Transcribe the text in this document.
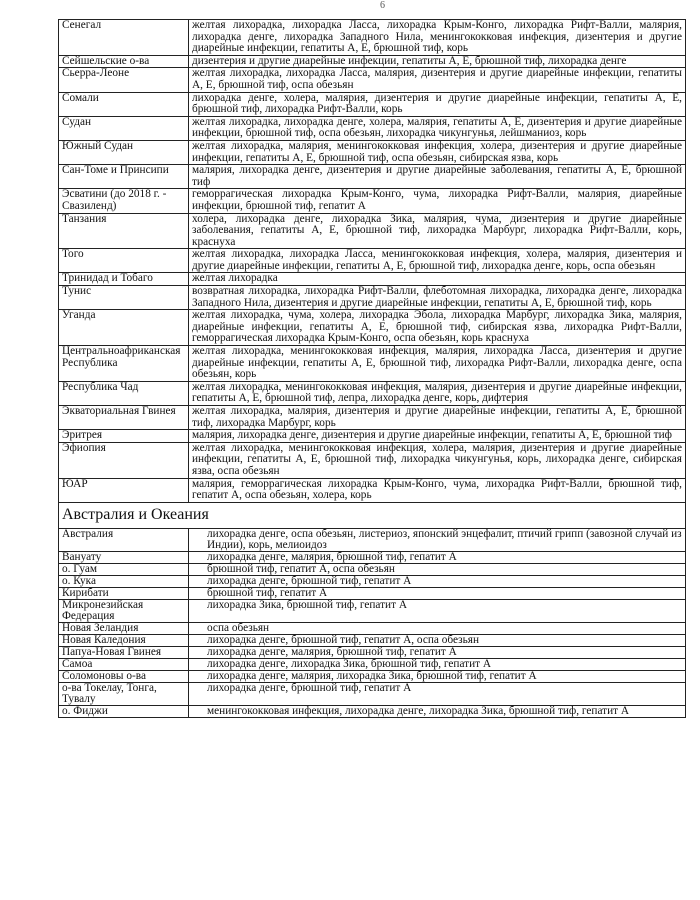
6
Сенегал	желтая лихорадка, лихорадка Ласса, лихорадка Крым-Конго, лихорадка Рифт-Валли, малярия, лихорадка денге, лихорадка Западного Нила, менингококковая инфекция, дизентерия и другие диарейные инфекции, гепатиты А, Е, брюшной тиф, корь
Сейшельские о-ва	дизентерия и другие диарейные инфекции, гепатиты А, Е, брюшной тиф, лихорадка денге
Сьерра-Леоне	желтая лихорадка, лихорадка Ласса, малярия, дизентерия и другие диарейные инфекции, гепатиты А, Е, брюшной тиф, оспа обезьян
Сомали	лихорадка денге, холера, малярия, дизентерия и другие диарейные инфекции, гепатиты А, Е, брюшной тиф, лихорадка Рифт-Валли, корь
Судан	желтая лихорадка, лихорадка денге, холера, малярия, гепатиты А, Е, дизентерия и другие диарейные инфекции, брюшной тиф, оспа обезьян, лихорадка чикунгунья, лейшманиоз, корь
Южный Судан	желтая лихорадка, малярия, менингококковая инфекция, холера, дизентерия и другие диарейные инфекции, гепатиты А, Е, брюшной тиф, оспа обезьян, сибирская язва, корь
Сан-Томе и Принсипи	малярия, лихорадка денге, дизентерия и другие диарейные заболевания, гепатиты А, Е, брюшной тиф
Эсватини (до 2018 г. - Свазиленд)	геморрагическая лихорадка Крым-Конго, чума, лихорадка Рифт-Валли, малярия, диарейные инфекции, брюшной тиф, гепатит А
Танзания	холера, лихорадка денге, лихорадка Зика, малярия, чума, дизентерия и другие диарейные заболевания, гепатиты А, Е, брюшной тиф, лихорадка Марбург, лихорадка Рифт-Валли, корь, краснуха
Того	желтая лихорадка, лихорадка Ласса, менингококковая инфекция, холера, малярия, дизентерия и другие диарейные инфекции, гепатиты А, Е, брюшной тиф, лихорадка денге, корь, оспа обезьян
Тринидад и Тобаго	желтая лихорадка
Тунис	возвратная лихорадка, лихорадка Рифт-Валли, флеботомная лихорадка, лихорадка денге, лихорадка Западного Нила, дизентерия и другие диарейные инфекции, гепатиты А, Е, брюшной тиф, корь
Уганда	желтая лихорадка, чума, холера, лихорадка Эбола, лихорадка Марбург, лихорадка Зика, малярия, диарейные инфекции, гепатиты А, Е, брюшной тиф, сибирская язва, лихорадка Рифт-Валли, геморрагическая лихорадка Крым-Конго, оспа обезьян, корь краснуха
Центральноафриканская Республика	желтая лихорадка, менингококковая инфекция, малярия, лихорадка Ласса, дизентерия и другие диарейные инфекции, гепатиты А, Е, брюшной тиф, лихорадка Рифт-Валли, лихорадка денге, оспа обезьян, корь
Республика Чад	желтая лихорадка, менингококковая инфекция, малярия, дизентерия и другие диарейные инфекции, гепатиты А, Е, брюшной тиф, лепра, лихорадка денге, корь, дифтерия
Экваториальная Гвинея	желтая лихорадка, малярия, дизентерия и другие диарейные инфекции, гепатиты А, Е, брюшной тиф, лихорадка Марбург, корь
Эритрея	малярия, лихорадка денге, дизентерия и другие диарейные инфекции, гепатиты А, Е, брюшной тиф
Эфиопия	желтая лихорадка, менингококковая инфекция, холера, малярия, дизентерия и другие диарейные инфекции, гепатиты А, Е, брюшной тиф, лихорадка чикунгунья, корь, лихорадка денге, сибирская язва, оспа обезьян
ЮАР	малярия, геморрагическая лихорадка Крым-Конго, чума, лихорадка Рифт-Валли, брюшной тиф, гепатит А, оспа обезьян, холера, корь
Австралия и Океания	
Австралия	лихорадка денге, оспа обезьян, листериоз, японский энцефалит, птичий грипп (завозной случай из Индии), корь, мелиоидоз
Вануату	лихорадка денге, малярия, брюшной тиф, гепатит А
о. Гуам	брюшной тиф, гепатит А, оспа обезьян
о. Кука	лихорадка денге, брюшной тиф, гепатит А
Кирибати	брюшной тиф, гепатит А
Микронезийская Федерация	лихорадка Зика, брюшной тиф, гепатит А
Новая Зеландия	оспа обезьян
Новая Каледония	лихорадка денге, брюшной тиф, гепатит А, оспа обезьян
Папуа-Новая Гвинея	лихорадка денге, малярия, брюшной тиф, гепатит А
Самоа	лихорадка денге, лихорадка Зика, брюшной тиф, гепатит А
Соломоновы о-ва	лихорадка денге, малярия, лихорадка Зика, брюшной тиф, гепатит А
о-ва Токелау, Тонга, Тувалу	лихорадка денге, брюшной тиф, гепатит А
о. Фиджи	менингококковая инфекция, лихорадка денге, лихорадка Зика, брюшной тиф, гепатит А
